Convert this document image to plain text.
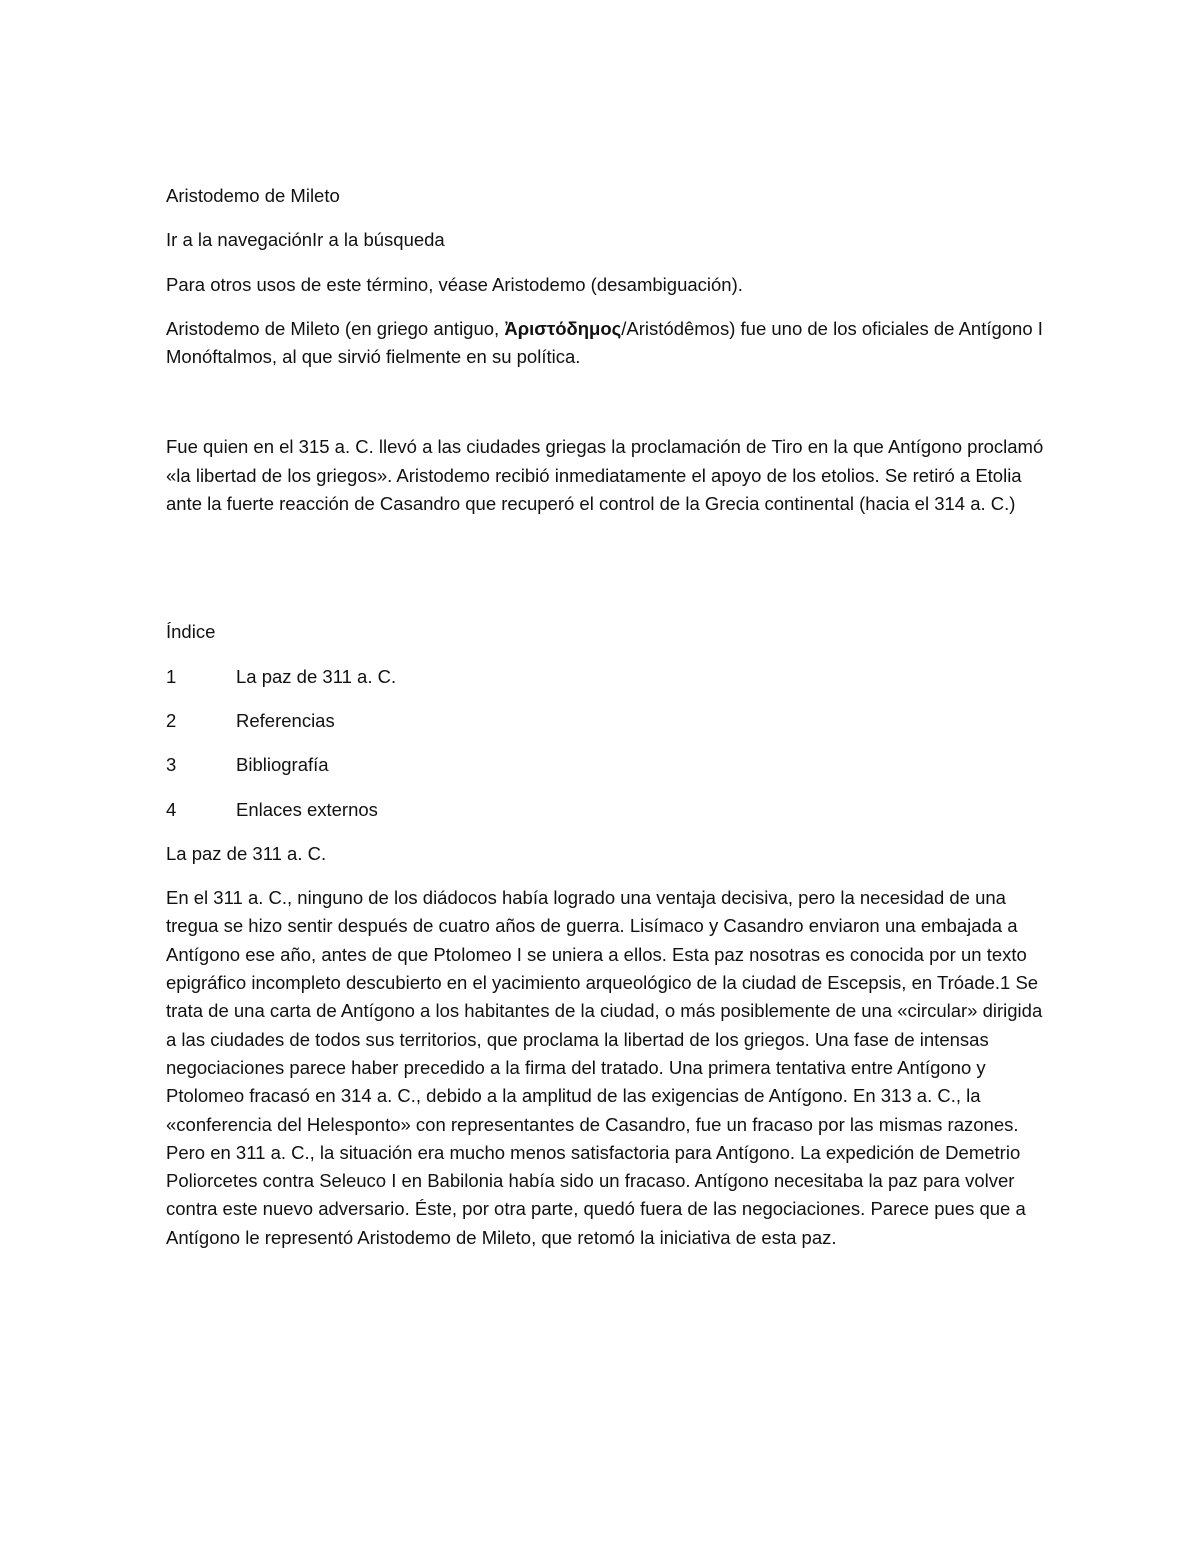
Aristodemo de Mileto

Ir a la navegaciónIr a la búsqueda

Para otros usos de este término, véase Aristodemo (desambiguación).

Aristodemo de Mileto (en griego antiguo, Ἀριστόδημος/Aristódêmos) fue uno de los oficiales de Antígono I Monóftalmos, al que sirvió fielmente en su política.

Fue quien en el 315 a. C. llevó a las ciudades griegas la proclamación de Tiro en la que Antígono proclamó «la libertad de los griegos». Aristodemo recibió inmediatamente el apoyo de los etolios. Se retiró a Etolia ante la fuerte reacción de Casandro que recuperó el control de la Grecia continental (hacia el 314 a. C.)

Índice

1	La paz de 311 a. C.
2	Referencias
3	Bibliografía
4	Enlaces externos

La paz de 311 a. C.

En el 311 a. C., ninguno de los diádocos había logrado una ventaja decisiva, pero la necesidad de una tregua se hizo sentir después de cuatro años de guerra. Lisímaco y Casandro enviaron una embajada a Antígono ese año, antes de que Ptolomeo I se uniera a ellos. Esta paz nosotras es conocida por un texto epigráfico incompleto descubierto en el yacimiento arqueológico de la ciudad de Escepsis, en Tróade.1 Se trata de una carta de Antígono a los habitantes de la ciudad, o más posiblemente de una «circular» dirigida a las ciudades de todos sus territorios, que proclama la libertad de los griegos. Una fase de intensas negociaciones parece haber precedido a la firma del tratado. Una primera tentativa entre Antígono y Ptolomeo fracasó en 314 a. C., debido a la amplitud de las exigencias de Antígono. En 313 a. C., la «conferencia del Helesponto» con representantes de Casandro, fue un fracaso por las mismas razones. Pero en 311 a. C., la situación era mucho menos satisfactoria para Antígono. La expedición de Demetrio Poliorcetes contra Seleuco I en Babilonia había sido un fracaso. Antígono necesitaba la paz para volver contra este nuevo adversario. Éste, por otra parte, quedó fuera de las negociaciones. Parece pues que a Antígono le representó Aristodemo de Mileto, que retomó la iniciativa de esta paz.
